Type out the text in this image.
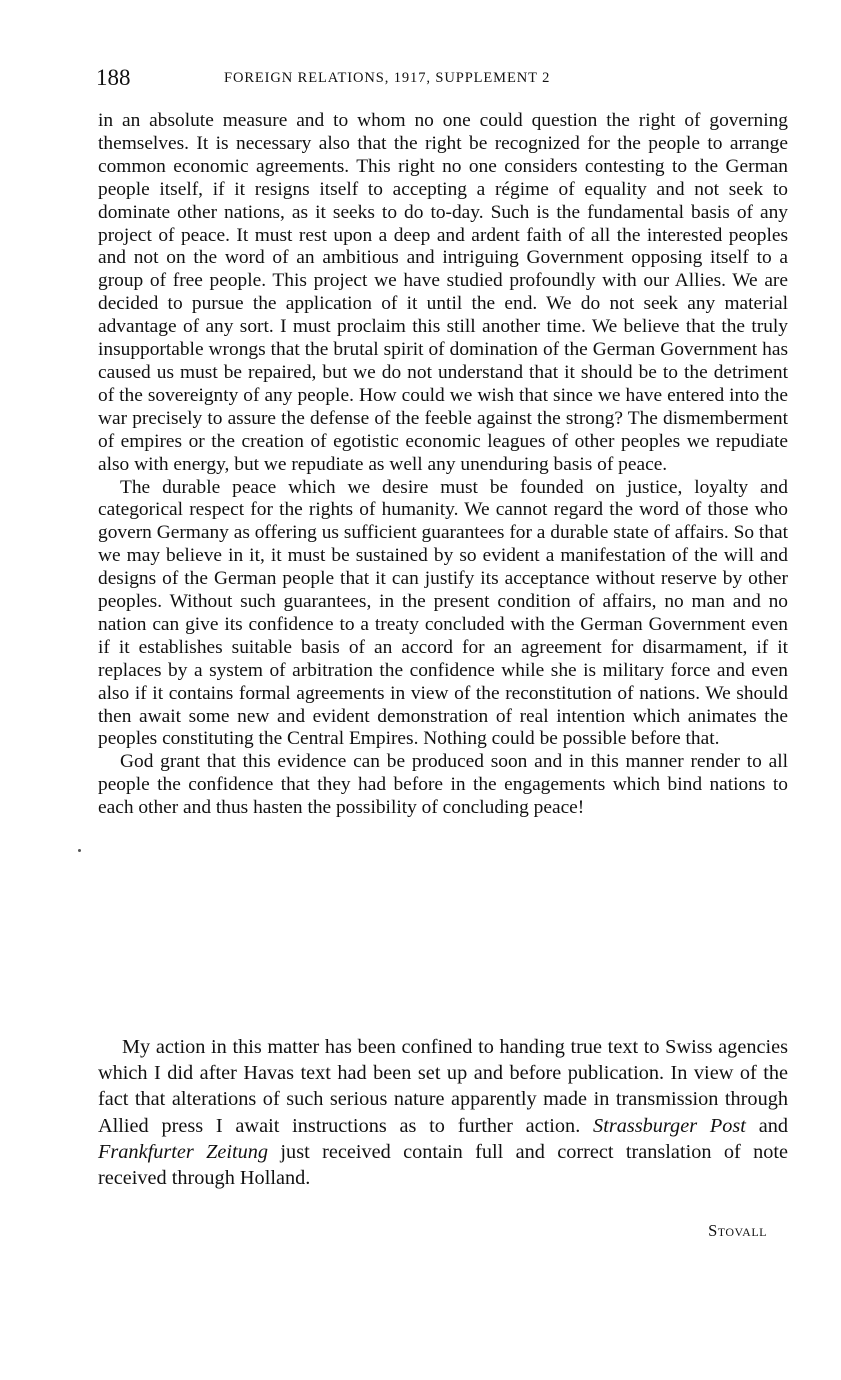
188	FOREIGN RELATIONS, 1917, SUPPLEMENT 2

in an absolute measure and to whom no one could question the right of governing themselves. It is necessary also that the right be recognized for the people to arrange common economic agreements. This right no one considers contesting to the German people itself, if it resigns itself to accepting a régime of equality and not seek to dominate other nations, as it seeks to do to-day. Such is the fundamental basis of any project of peace. It must rest upon a deep and ardent faith of all the interested peoples and not on the word of an ambitious and intriguing Government opposing itself to a group of free people. This project we have studied profoundly with our Allies. We are decided to pursue the application of it until the end. We do not seek any material advantage of any sort. I must proclaim this still another time. We believe that the truly insupportable wrongs that the brutal spirit of domination of the German Government has caused us must be repaired, but we do not understand that it should be to the detriment of the sovereignty of any people. How could we wish that since we have entered into the war precisely to assure the defense of the feeble against the strong? The dismemberment of empires or the creation of egotistic economic leagues of other peoples we repudiate also with energy, but we repudiate as well any unenduring basis of peace.

The durable peace which we desire must be founded on justice, loyalty and categorical respect for the rights of humanity. We cannot regard the word of those who govern Germany as offering us sufficient guarantees for a durable state of affairs. So that we may believe in it, it must be sustained by so evident a manifestation of the will and designs of the German people that it can justify its acceptance without reserve by other peoples. Without such guarantees, in the present condition of affairs, no man and no nation can give its confidence to a treaty concluded with the German Government even if it establishes suitable basis of an accord for an agreement for disarmament, if it replaces by a system of arbitration the confidence while she is military force and even also if it contains formal agreements in view of the reconstitution of nations. We should then await some new and evident demonstration of real intention which animates the peoples constituting the Central Empires. Nothing could be possible before that.

God grant that this evidence can be produced soon and in this manner render to all people the confidence that they had before in the engagements which bind nations to each other and thus hasten the possibility of concluding peace!

My action in this matter has been confined to handing true text to Swiss agencies which I did after Havas text had been set up and before publication. In view of the fact that alterations of such serious nature apparently made in transmission through Allied press I await instructions as to further action. Strassburger Post and Frankfurter Zeitung just received contain full and correct translation of note received through Holland.

Stovall
